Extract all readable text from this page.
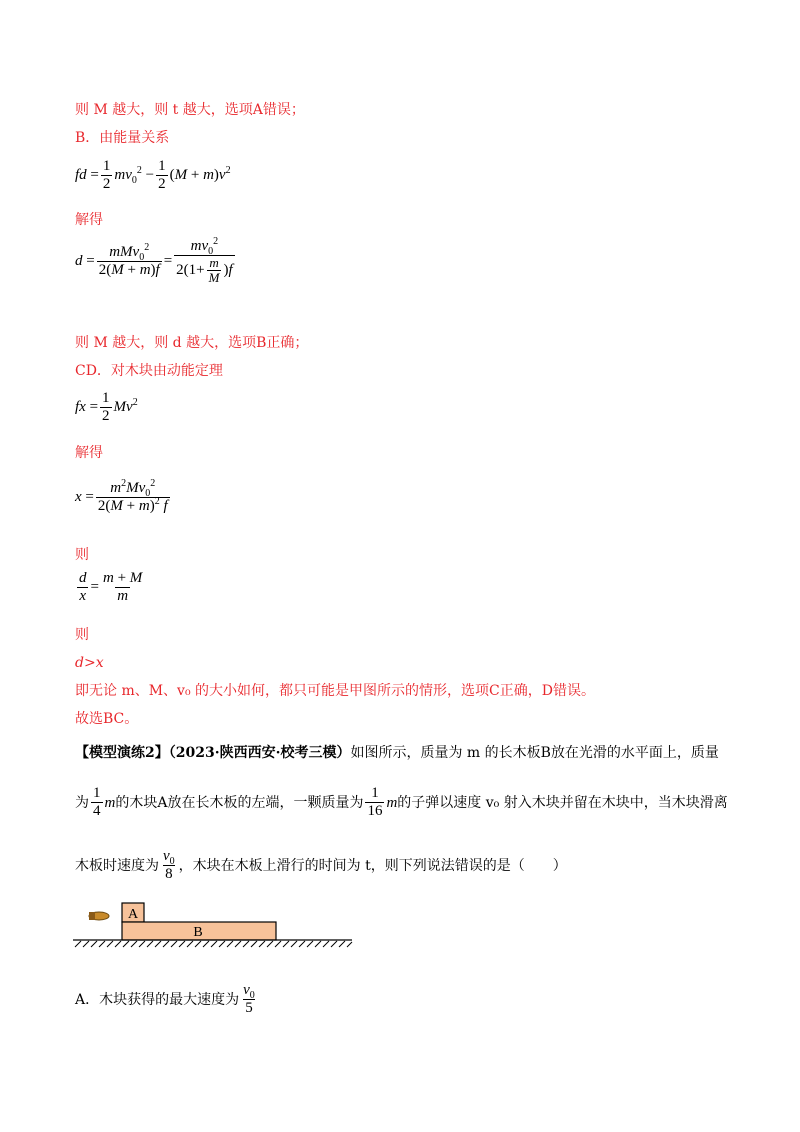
则 M 越大，则 t 越大，选项A错误；
B．由能量关系
fd
= $\frac{1}{2} mv_0^2$
− $\frac{1}{2} (M + m)v^2$
解得
d
= $\frac{mMv_0^2}{2(M + m)f} = \frac{mv_0^2}{2(1+ \frac{m}{M} ) f}$
则 M 越大，则 d 越大，选项B正确；
CD．对木块由动能定理
fx
= $\frac{1}{2} Mv^2$
解得
x
= $\frac{m^2Mv_0^2}{2(M + m)^2 f}$
则
$\frac{d}{x} = \frac{m + M}{m}$
则
d>x
即无论 m、M、v₀ 的大小如何，都只可能是甲图所示的情形，选项C正确，D错误。
故选BC。
【模型演练2】（2023·陕西西安·校考三模）如图所示，质量为 m 的长木板B放在光滑的水平面上，质量
为 $\frac{1}{4}$ m 的木块A放在长木板的左端，一颗质量为 $\frac{1}{16}$ m 的子弹以速度 v₀ 射入木块并留在木块中，当木块滑离
木板时速度为 $\frac{v_0}{8}$ ，木块在木板上滑行的时间为 t，则下列说法错误的是（　　）
A
B
A．木块获得的最大速度为 $\frac{v_0}{5}$
